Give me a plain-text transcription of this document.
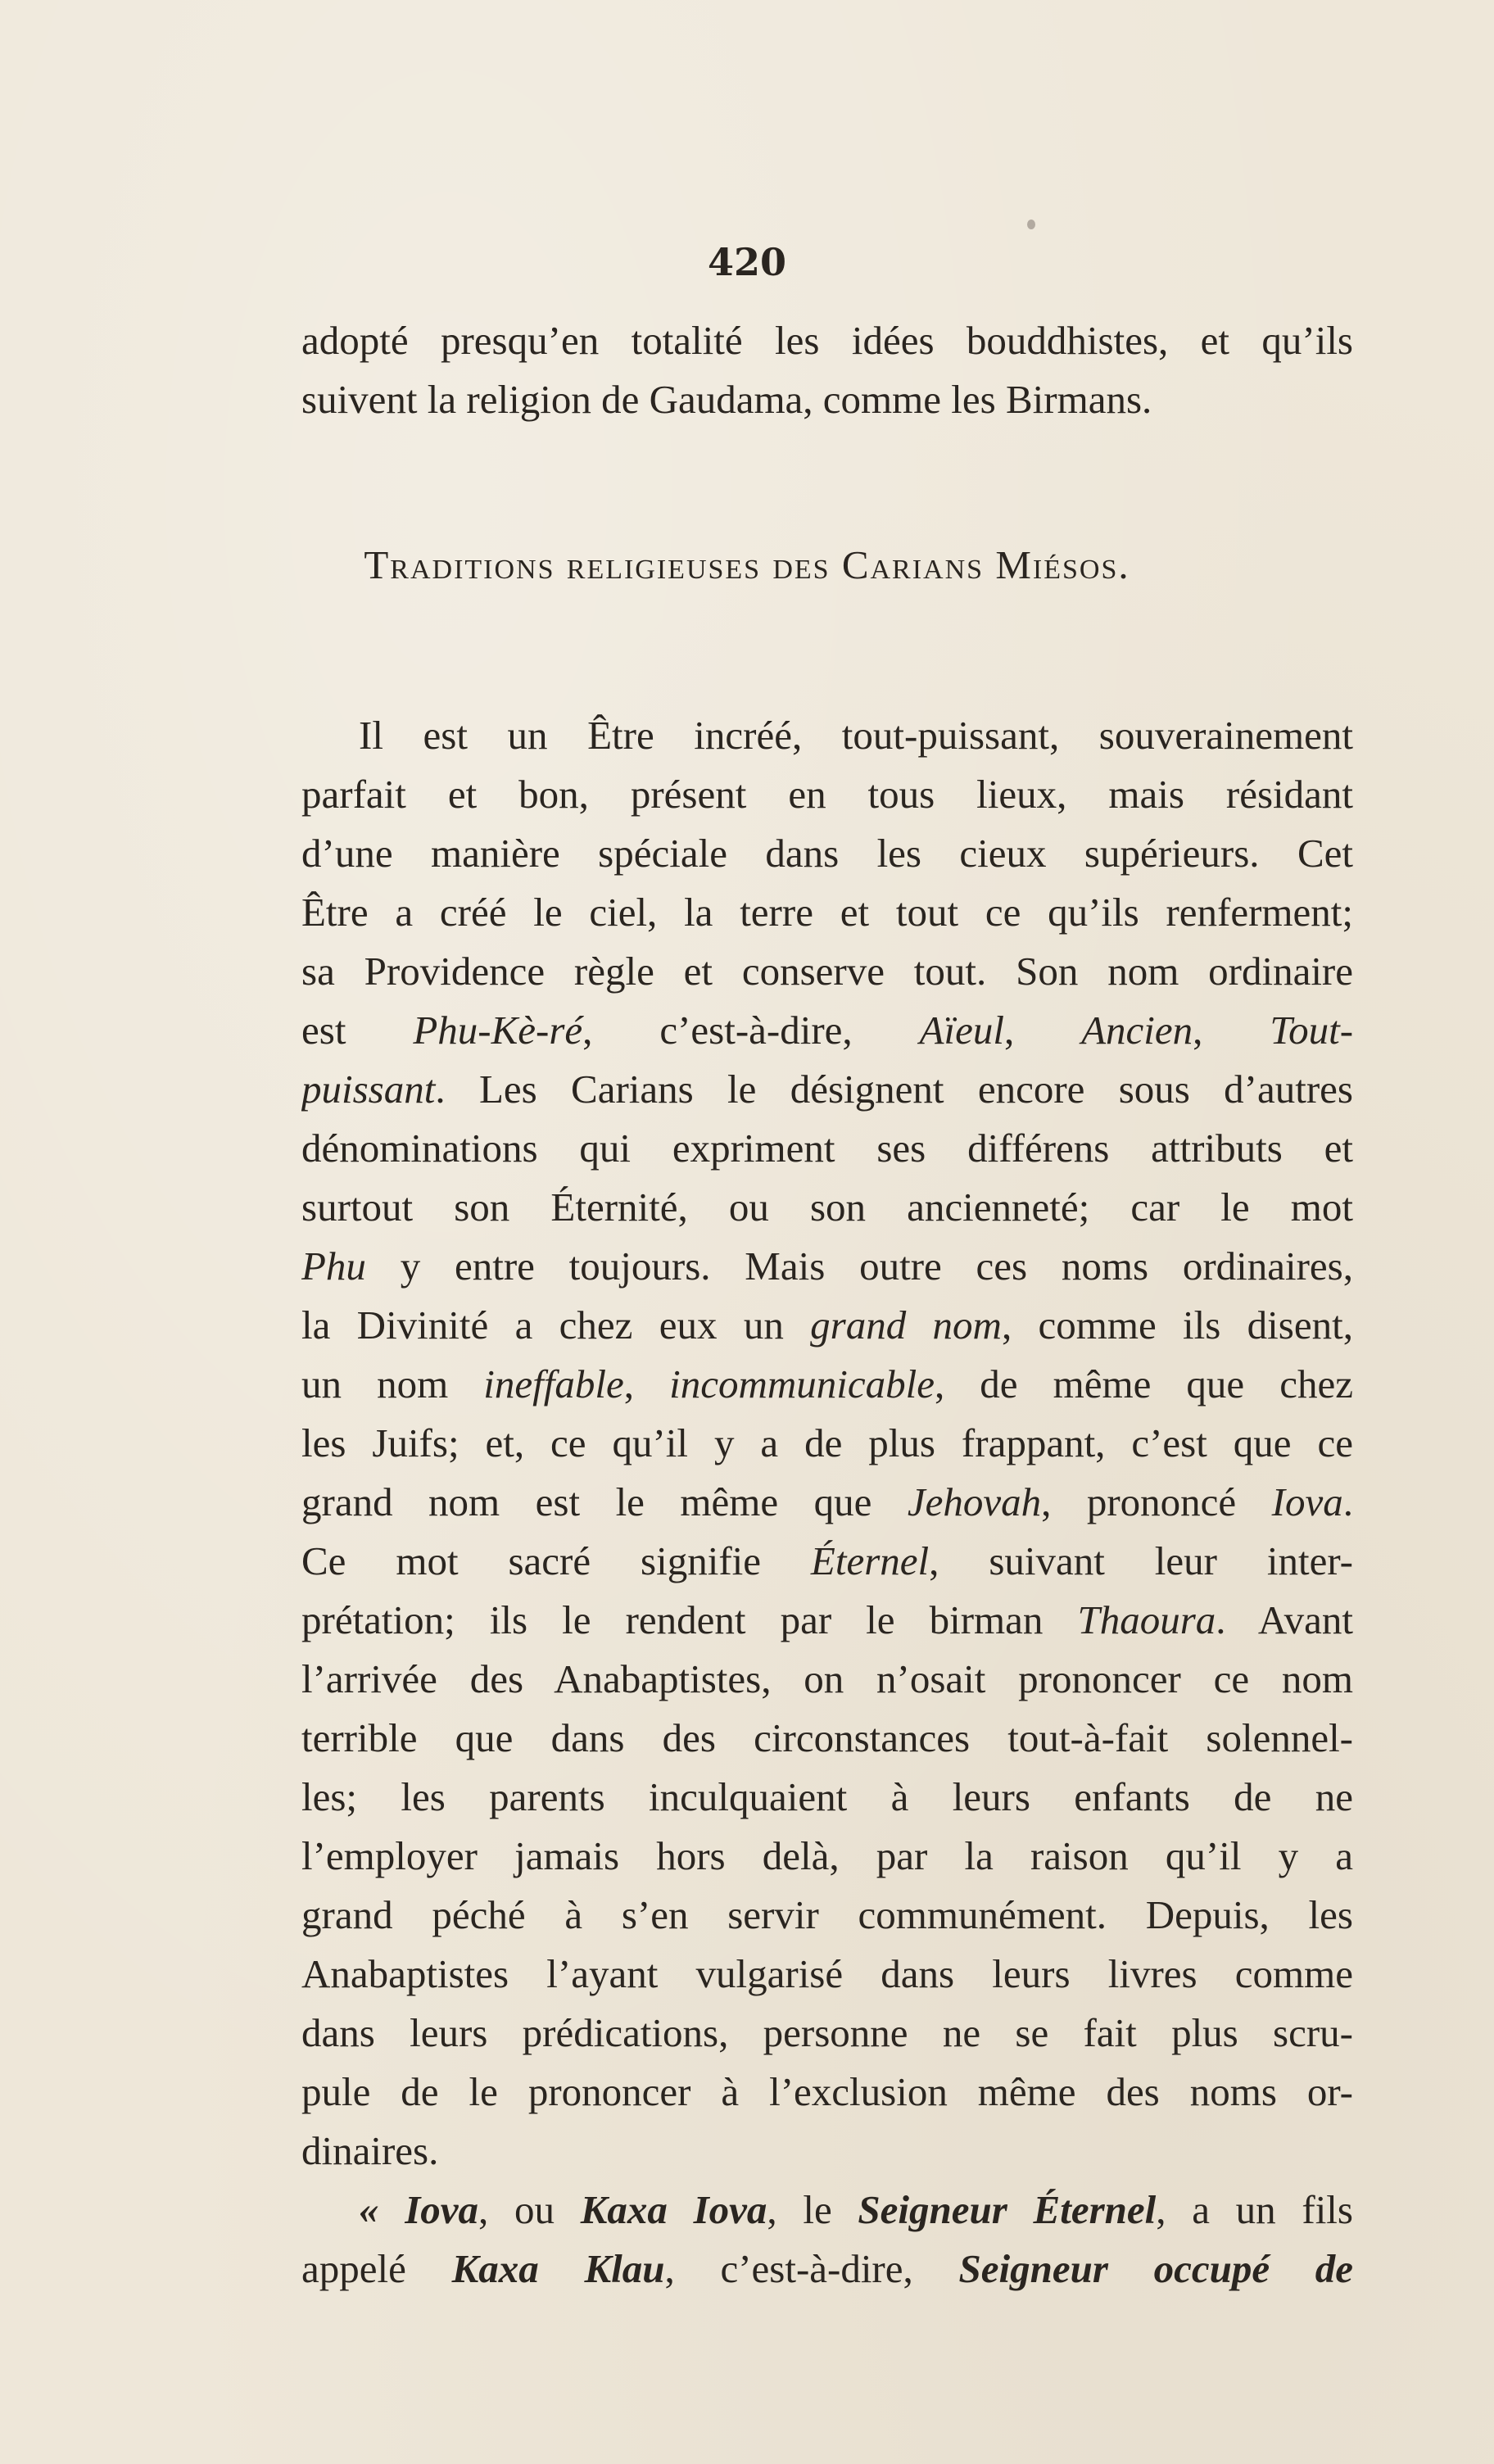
420
adopté presqu’en totalité les idées bouddhistes, et qu’ils
suivent la religion de Gaudama, comme les Birmans.
Traditions religieuses des Carians Miésos.
Il est un Être incréé, tout-puissant, souverainement
parfait et bon, présent en tous lieux, mais résidant
d’une manière spéciale dans les cieux supérieurs. Cet
Être a créé le ciel, la terre et tout ce qu’ils renferment;
sa Providence règle et conserve tout. Son nom ordinaire
est Phu-Kè-ré, c’est-à-dire, Aïeul, Ancien, Tout-
puissant. Les Carians le désignent encore sous d’autres
dénominations qui expriment ses différens attributs et
surtout son Éternité, ou son ancienneté; car le mot
Phu y entre toujours. Mais outre ces noms ordinaires,
la Divinité a chez eux un grand nom, comme ils disent,
un nom ineffable, incommunicable, de même que chez
les Juifs; et, ce qu’il y a de plus frappant, c’est que ce
grand nom est le même que Jehovah, prononcé Iova.
Ce mot sacré signifie Éternel, suivant leur inter-
prétation; ils le rendent par le birman Thaoura. Avant
l’arrivée des Anabaptistes, on n’osait prononcer ce nom
terrible que dans des circonstances tout-à-fait solennel-
les; les parents inculquaient à leurs enfants de ne
l’employer jamais hors delà, par la raison qu’il y a
grand péché à s’en servir communément. Depuis, les
Anabaptistes l’ayant vulgarisé dans leurs livres comme
dans leurs prédications, personne ne se fait plus scru-
pule de le prononcer à l’exclusion même des noms or-
dinaires.
« Iova, ou Kaxa Iova, le Seigneur Éternel, a un fils
appelé Kaxa Klau, c’est-à-dire, Seigneur occupé de
